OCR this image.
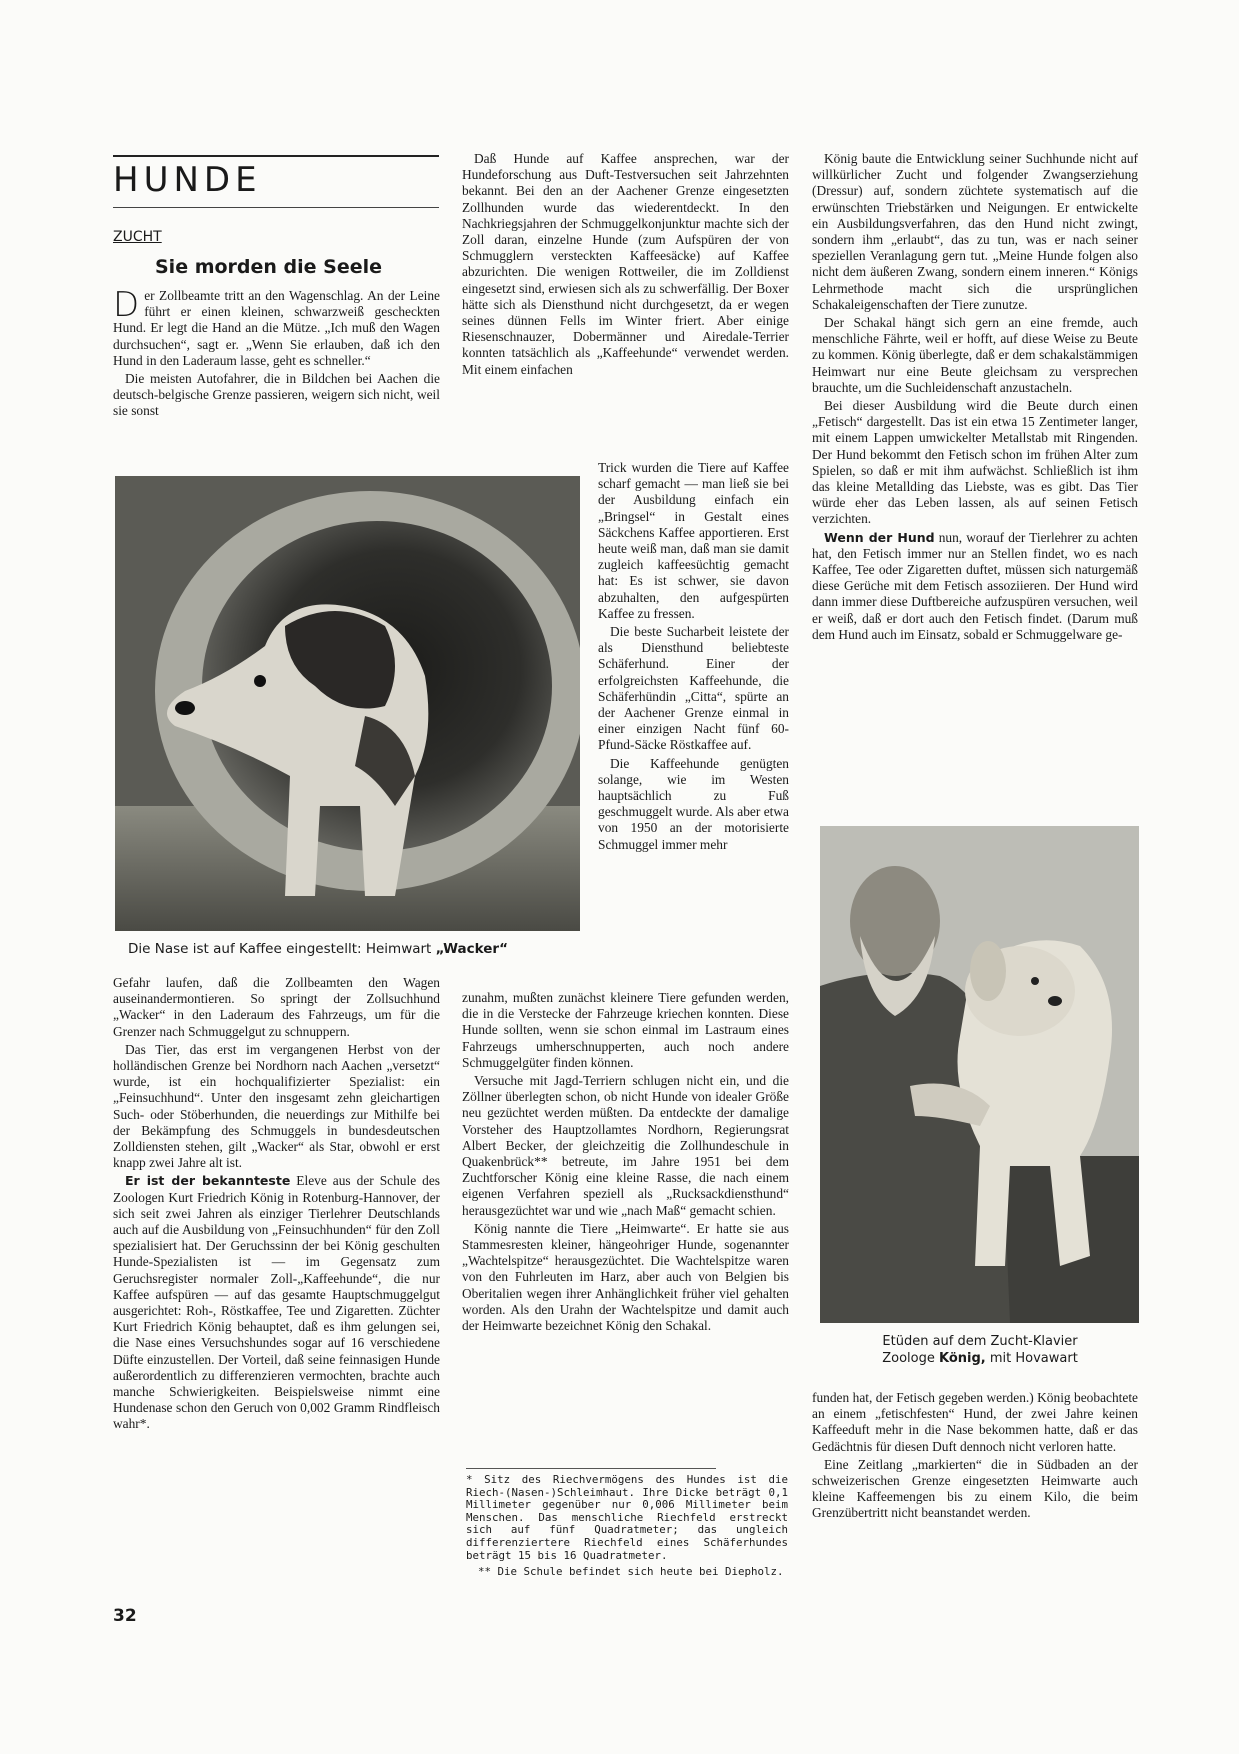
HUNDE
ZUCHT
Sie morden die Seele

Der Zollbeamte tritt an den Wagenschlag. An der Leine führt er einen kleinen, schwarzweiß gescheckten Hund. Er legt die Hand an die Mütze. „Ich muß den Wagen durchsuchen“, sagt er. „Wenn Sie erlauben, daß ich den Hund in den Laderaum lasse, geht es schneller.“

Die meisten Autofahrer, die in Bildchen bei Aachen die deutsch-belgische Grenze passieren, weigern sich nicht, weil sie sonst

Die Nase ist auf Kaffee eingestellt: Heimwart „Wacker“

Gefahr laufen, daß die Zollbeamten den Wagen auseinandermontieren. So springt der Zollsuchhund „Wacker“ in den Laderaum des Fahrzeugs, um für die Grenzer nach Schmuggelgut zu schnuppern.

Das Tier, das erst im vergangenen Herbst von der holländischen Grenze bei Nordhorn nach Aachen „versetzt“ wurde, ist ein hochqualifizierter Spezialist: ein „Feinsuchhund“. Unter den insgesamt zehn gleichartigen Such- oder Stöberhunden, die neuerdings zur Mithilfe bei der Bekämpfung des Schmuggels in bundesdeutschen Zolldiensten stehen, gilt „Wacker“ als Star, obwohl er erst knapp zwei Jahre alt ist.

Er ist der bekannteste Eleve aus der Schule des Zoologen Kurt Friedrich König in Rotenburg-Hannover, der sich seit zwei Jahren als einziger Tierlehrer Deutschlands auch auf die Ausbildung von „Feinsuchhunden“ für den Zoll spezialisiert hat. Der Geruchssinn der bei König geschulten Hunde-Spezialisten ist — im Gegensatz zum Geruchsregister normaler Zoll-„Kaffeehunde“, die nur Kaffee aufspüren — auf das gesamte Hauptschmuggelgut ausgerichtet: Roh-, Röstkaffee, Tee und Zigaretten. Züchter Kurt Friedrich König behauptet, daß es ihm gelungen sei, die Nase eines Versuchshundes sogar auf 16 verschiedene Düfte einzustellen. Der Vorteil, daß seine feinnasigen Hunde außerordentlich zu differenzieren vermochten, brachte auch manche Schwierigkeiten. Beispielsweise nimmt eine Hundenase schon den Geruch von 0,002 Gramm Rindfleisch wahr*.

Daß Hunde auf Kaffee ansprechen, war der Hundeforschung aus Duft-Testversuchen seit Jahrzehnten bekannt. Bei den an der Aachener Grenze eingesetzten Zollhunden wurde das wiederentdeckt. In den Nachkriegsjahren der Schmuggelkonjunktur machte sich der Zoll daran, einzelne Hunde (zum Aufspüren der von Schmugglern versteckten Kaffeesäcke) auf Kaffee abzurichten. Die wenigen Rottweiler, die im Zolldienst eingesetzt sind, erwiesen sich als zu schwerfällig. Der Boxer hätte sich als Diensthund nicht durchgesetzt, da er wegen seines dünnen Fells im Winter friert. Aber einige Riesenschnauzer, Dobermänner und Airedale-Terrier konnten tatsächlich als „Kaffeehunde“ verwendet werden. Mit einem einfachen

Trick wurden die Tiere auf Kaffee scharf gemacht — man ließ sie bei der Ausbildung einfach ein „Bringsel“ in Gestalt eines Säckchens Kaffee apportieren. Erst heute weiß man, daß man sie damit zugleich kaffeesüchtig gemacht hat: Es ist schwer, sie davon abzuhalten, den aufgespürten Kaffee zu fressen.

Die beste Sucharbeit leistete der als Diensthund beliebteste Schäferhund. Einer der erfolgreichsten Kaffeehunde, die Schäferhündin „Citta“, spürte an der Aachener Grenze einmal in einer einzigen Nacht fünf 60-Pfund-Säcke Röstkaffee auf.

Die Kaffeehunde genügten solange, wie im Westen hauptsächlich zu Fuß geschmuggelt wurde. Als aber etwa von 1950 an der motorisierte Schmuggel immer mehr

zunahm, mußten zunächst kleinere Tiere gefunden werden, die in die Verstecke der Fahrzeuge kriechen konnten. Diese Hunde sollten, wenn sie schon einmal im Lastraum eines Fahrzeugs umherschnupperten, auch noch andere Schmuggelgüter finden können.

Versuche mit Jagd-Terriern schlugen nicht ein, und die Zöllner überlegten schon, ob nicht Hunde von idealer Größe neu gezüchtet werden müßten. Da entdeckte der damalige Vorsteher des Hauptzollamtes Nordhorn, Regierungsrat Albert Becker, der gleichzeitig die Zollhundeschule in Quakenbrück** betreute, im Jahre 1951 bei dem Zuchtforscher König eine kleine Rasse, die nach einem eigenen Verfahren speziell als „Rucksackdiensthund“ herausgezüchtet war und wie „nach Maß“ gemacht schien.

König nannte die Tiere „Heimwarte“. Er hatte sie aus Stammesresten kleiner, hängeohriger Hunde, sogenannter „Wachtelspitze“ herausgezüchtet. Die Wachtelspitze waren von den Fuhrleuten im Harz, aber auch von Belgien bis Oberitalien wegen ihrer Anhänglichkeit früher viel gehalten worden. Als den Urahn der Wachtelspitze und damit auch der Heimwarte bezeichnet König den Schakal.

* Sitz des Riechvermögens des Hundes ist die Riech-(Nasen-)Schleimhaut. Ihre Dicke beträgt 0,1 Millimeter gegenüber nur 0,006 Millimeter beim Menschen. Das menschliche Riechfeld erstreckt sich auf fünf Quadratmeter; das ungleich differenziertere Riechfeld eines Schäferhundes beträgt 15 bis 16 Quadratmeter.

** Die Schule befindet sich heute bei Diepholz.

König baute die Entwicklung seiner Suchhunde nicht auf willkürlicher Zucht und folgender Zwangserziehung (Dressur) auf, sondern züchtete systematisch auf die erwünschten Triebstärken und Neigungen. Er entwickelte ein Ausbildungsverfahren, das den Hund nicht zwingt, sondern ihm „erlaubt“, das zu tun, was er nach seiner speziellen Veranlagung gern tut. „Meine Hunde folgen also nicht dem äußeren Zwang, sondern einem inneren.“ Königs Lehrmethode macht sich die ursprünglichen Schakaleigenschaften der Tiere zunutze.

Der Schakal hängt sich gern an eine fremde, auch menschliche Fährte, weil er hofft, auf diese Weise zu Beute zu kommen. König überlegte, daß er dem schakalstämmigen Heimwart nur eine Beute gleichsam zu versprechen brauchte, um die Suchleidenschaft anzustacheln.

Bei dieser Ausbildung wird die Beute durch einen „Fetisch“ dargestellt. Das ist ein etwa 15 Zentimeter langer, mit einem Lappen umwickelter Metallstab mit Ringenden. Der Hund bekommt den Fetisch schon im frühen Alter zum Spielen, so daß er mit ihm aufwächst. Schließlich ist ihm das kleine Metallding das Liebste, was es gibt. Das Tier würde eher das Leben lassen, als auf seinen Fetisch verzichten.

Wenn der Hund nun, worauf der Tierlehrer zu achten hat, den Fetisch immer nur an Stellen findet, wo es nach Kaffee, Tee oder Zigaretten duftet, müssen sich naturgemäß diese Gerüche mit dem Fetisch assoziieren. Der Hund wird dann immer diese Duftbereiche aufzuspüren versuchen, weil er weiß, daß er dort auch den Fetisch findet. (Darum muß dem Hund auch im Einsatz, sobald er Schmuggelware ge-

Etüden auf dem Zucht-Klavier
Zoologe König, mit Hovawart

funden hat, der Fetisch gegeben werden.) König beobachtete an einem „fetischfesten“ Hund, der zwei Jahre keinen Kaffeeduft mehr in die Nase bekommen hatte, daß er das Gedächtnis für diesen Duft dennoch nicht verloren hatte.

Eine Zeitlang „markierten“ die in Südbaden an der schweizerischen Grenze eingesetzten Heimwarte auch kleine Kaffeemengen bis zu einem Kilo, die beim Grenzübertritt nicht beanstandet werden.

32
